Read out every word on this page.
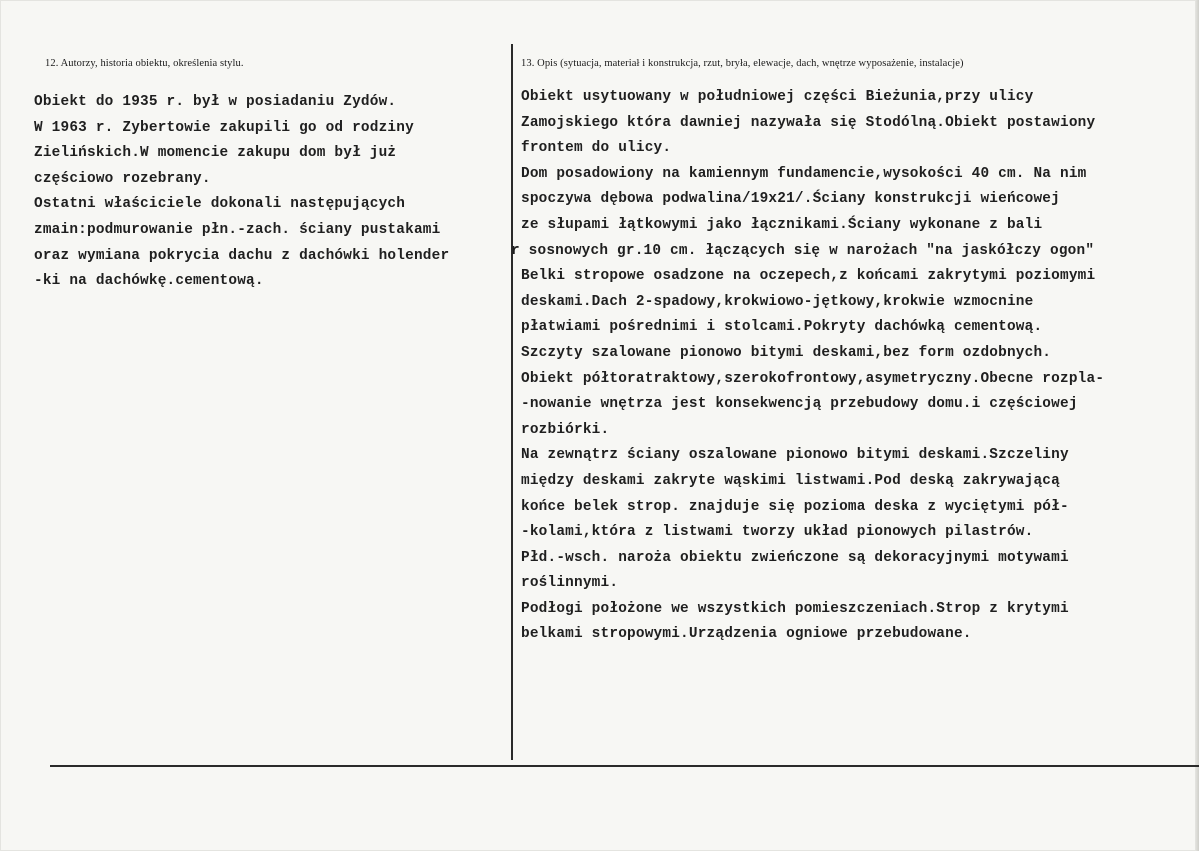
12. Autorzy, historia obiektu, określenia stylu.	13. Opis (sytuacja, materiał i konstrukcja, rzut, bryła, elewacje, dach, wnętrze wyposażenie, instalacje)
Obiekt do 1935 r. był w posiadaniu Zydów.
W 1963 r. Zybertowie zakupili go od rodziny
Zielińskich.W momencie zakupu dom był już
częściowo rozebrany.
Ostatni właściciele dokonali następujących
zmain:podmurowanie płn.-zach. ściany pustakami
oraz wymiana pokrycia dachu z dachówki holender
-ki na dachówkę.cementową.
Obiekt usytuowany w południowej części Bieżunia,przy ulicy
Zamojskiego która dawniej nazywała się Stodólną.Obiekt postawiony
frontem do ulicy.
Dom posadowiony na kamiennym fundamencie,wysokości 40 cm. Na nim
spoczywa dębowa podwalina/19x21/.Ściany konstrukcji wieńcowej
ze słupami łątkowymi jako łącznikami.Ściany wykonane z bali
r sosnowych gr.10 cm. łączących się w narożach "na jaskółczy ogon"
Belki stropowe osadzone na oczepech,z końcami zakrytymi poziomymi
deskami.Dach 2-spadowy,krokwiowo-jętkowy,krokwie wzmocnine
płatwiami pośrednimi i stolcami.Pokryty dachówką cementową.
Szczyty szalowane pionowo bitymi deskami,bez form ozdobnych.
Obiekt półtoratraktowy,szerokofrontowy,asymetryczny.Obecne rozpla-
-nowanie wnętrza jest konsekwencją przebudowy domu.i częściowej
rozbiórki.
Na zewnątrz ściany oszalowane pionowo bitymi deskami.Szczeliny
między deskami zakryte wąskimi listwami.Pod deską zakrywającą
końce belek strop. znajduje się pozioma deska z wyciętymi pół-
-kolami,która z listwami tworzy układ pionowych pilastrów.
Płd.-wsch. naroża obiektu zwieńczone są dekoracyjnymi motywami
roślinnymi.
Podłogi położone we wszystkich pomieszczeniach.Strop z krytymi
belkami stropowymi.Urządzenia ogniowe przebudowane.
